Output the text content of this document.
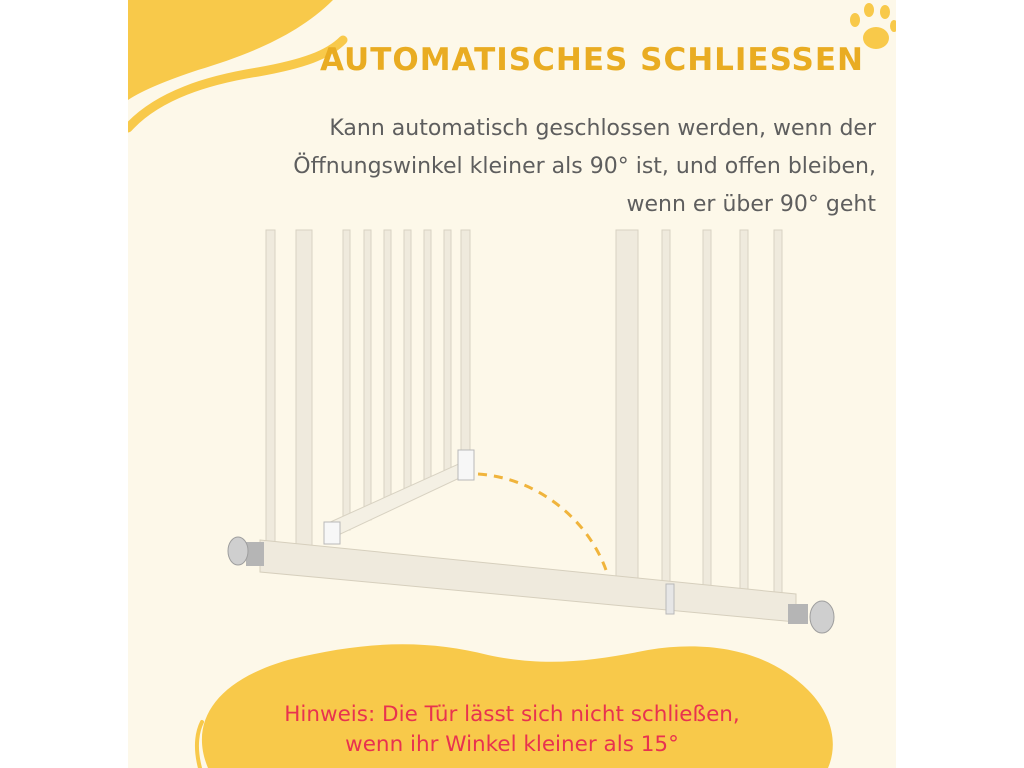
AUTOMATISCHES SCHLIESSEN
Kann automatisch geschlossen werden, wenn der
Öffnungswinkel kleiner als 90° ist, und offen bleiben,
wenn er über 90° geht
Hinweis: Die Tür lässt sich nicht schließen,
wenn ihr Winkel kleiner als 15°
